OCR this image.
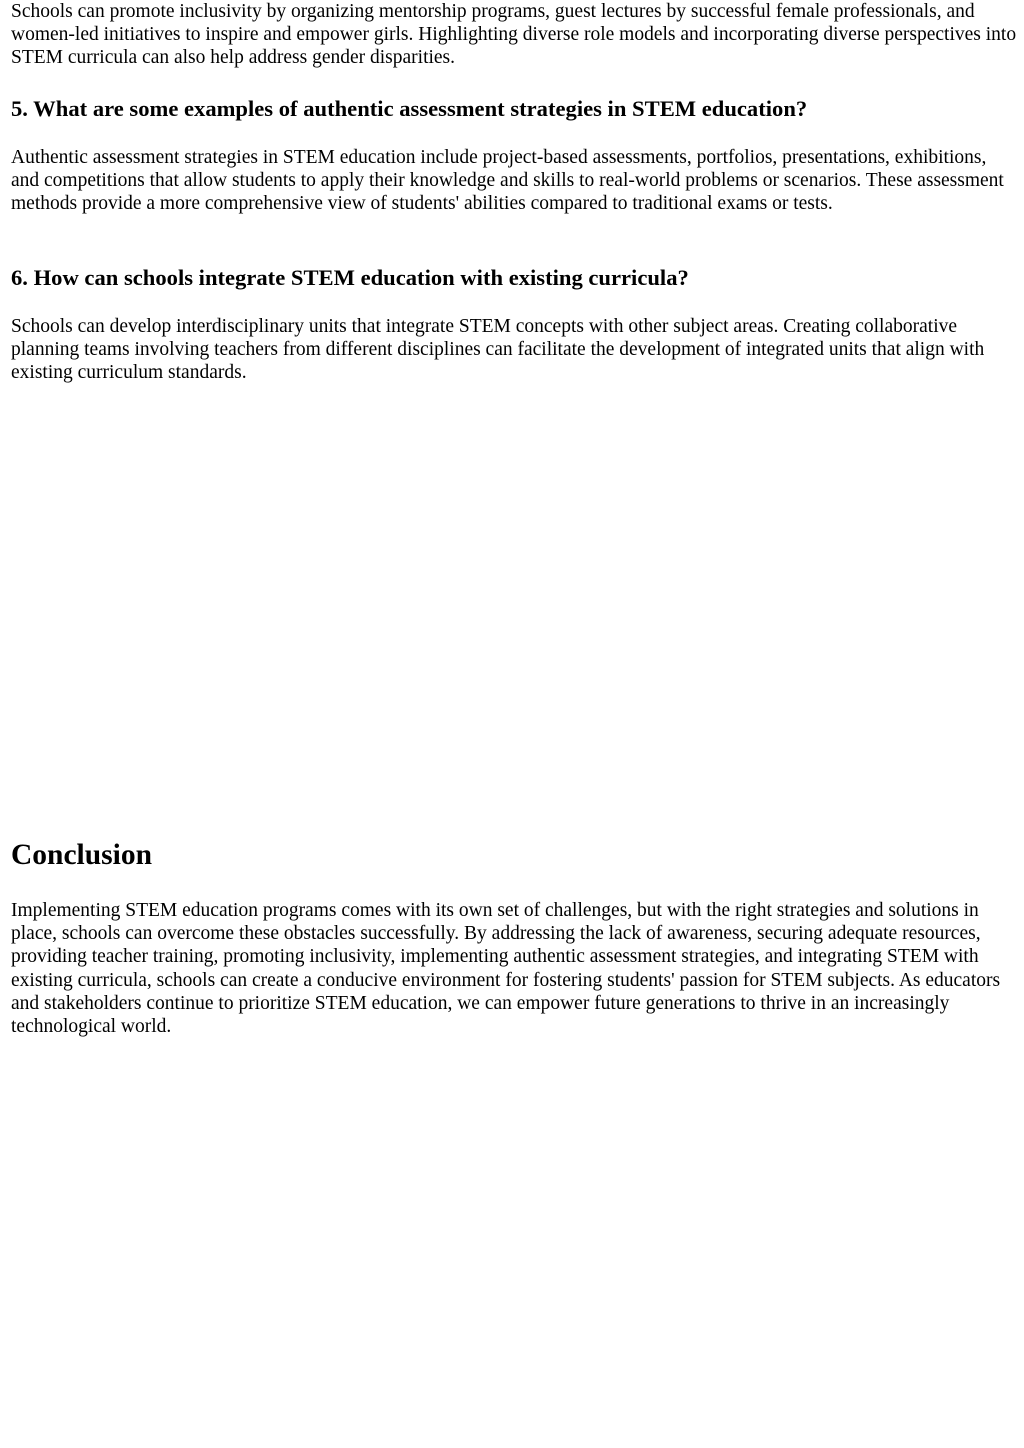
Schools can promote inclusivity by organizing mentorship programs, guest lectures by successful female professionals, and women-led initiatives to inspire and empower girls. Highlighting diverse role models and incorporating diverse perspectives into STEM curricula can also help address gender disparities.

5. What are some examples of authentic assessment strategies in STEM education?

Authentic assessment strategies in STEM education include project-based assessments, portfolios, presentations, exhibitions, and competitions that allow students to apply their knowledge and skills to real-world problems or scenarios. These assessment methods provide a more comprehensive view of students' abilities compared to traditional exams or tests.

6. How can schools integrate STEM education with existing curricula?

Schools can develop interdisciplinary units that integrate STEM concepts with other subject areas. Creating collaborative planning teams involving teachers from different disciplines can facilitate the development of integrated units that align with existing curriculum standards.

Conclusion

Implementing STEM education programs comes with its own set of challenges, but with the right strategies and solutions in place, schools can overcome these obstacles successfully. By addressing the lack of awareness, securing adequate resources, providing teacher training, promoting inclusivity, implementing authentic assessment strategies, and integrating STEM with existing curricula, schools can create a conducive environment for fostering students' passion for STEM subjects. As educators and stakeholders continue to prioritize STEM education, we can empower future generations to thrive in an increasingly technological world.
